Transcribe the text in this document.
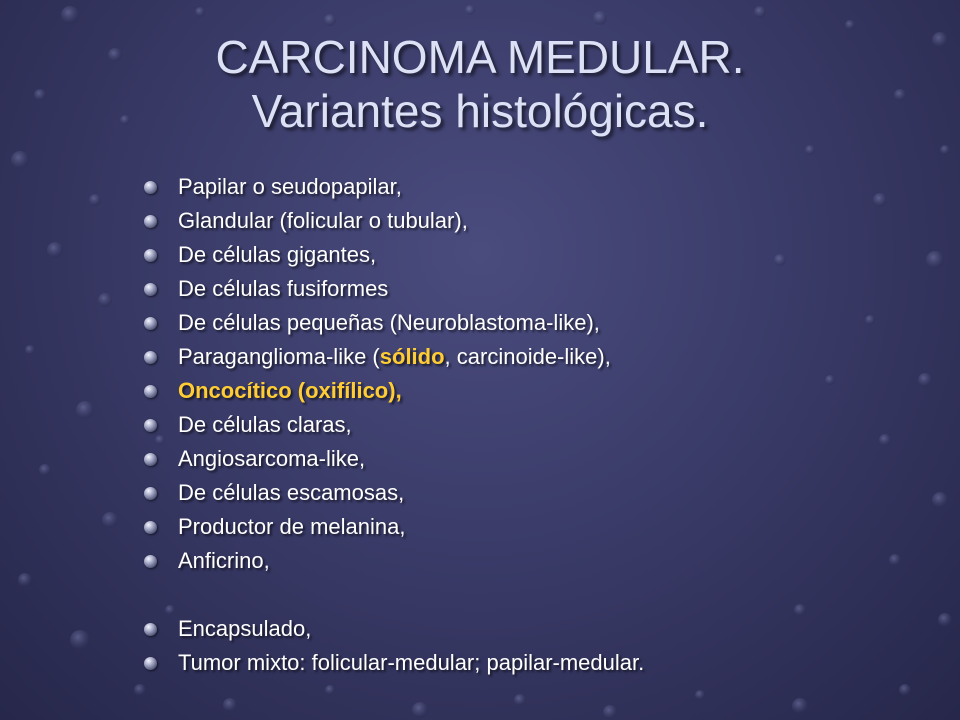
CARCINOMA MEDULAR.
Variantes histológicas.
Papilar o seudopapilar,
Glandular (folicular o tubular),
De células gigantes,
De células fusiformes
De células pequeñas (Neuroblastoma-like),
Paraganglioma-like (sólido, carcinoide-like),
Oncocítico (oxifílico),
De células claras,
Angiosarcoma-like,
De células escamosas,
Productor de melanina,
Anficrino,
Encapsulado,
Tumor mixto: folicular-medular; papilar-medular.
